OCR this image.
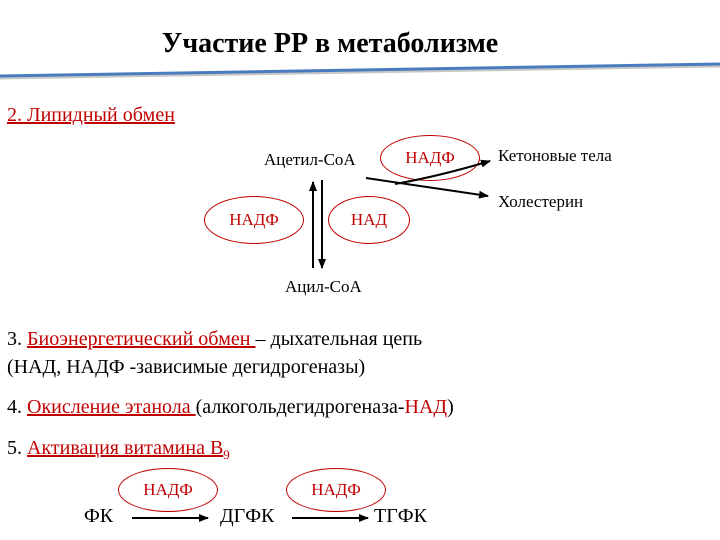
Участие РР в метаболизме
2. Липидный обмен
Ацетил-СоА
Ацил-СоА
Кетоновые тела
Холестерин
НАДФ
НАДФ	НАД
3. Биоэнергетический обмен – дыхательная цепь
(НАД, НАДФ -зависимые дегидрогеназы)
4. Окисление этанола (алкогольдегидрогеназа-НАД)
5. Активация витамина $В_9$
НАДФ	НАДФ
ФК	ДГФК	ТГФК
